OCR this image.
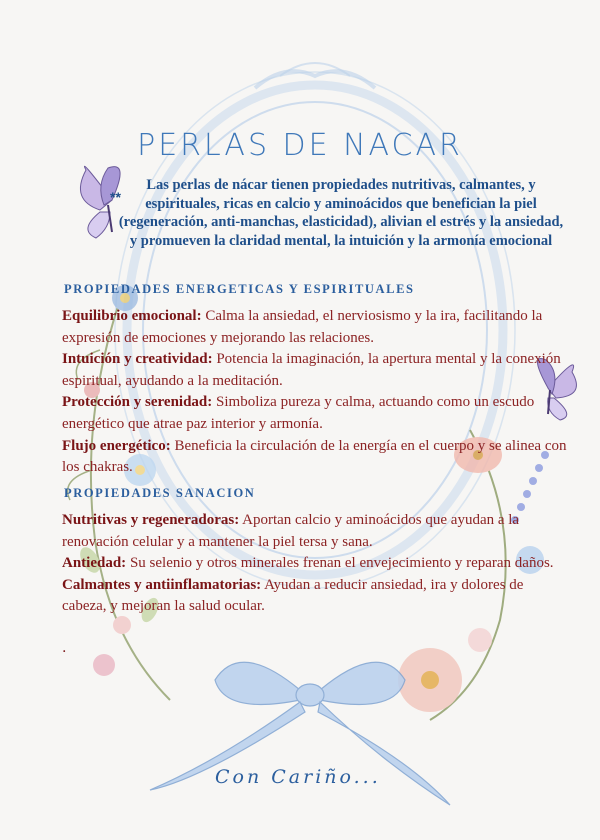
PERLAS DE NACAR
**
Las perlas de nácar tienen propiedades nutritivas, calmantes, y espirituales, ricas en calcio y aminoácidos que benefician la piel (regeneración, anti-manchas, elasticidad), alivian el estrés y la ansiedad, y promueven la claridad mental, la intuición y la armonía emocional
PROPIEDADES ENERGETICAS Y ESPIRITUALES

Equilibrio emocional: Calma la ansiedad, el nerviosismo y la ira, facilitando la expresión de emociones y mejorando las relaciones.

Intuición y creatividad: Potencia la imaginación, la apertura mental y la conexión espiritual, ayudando a la meditación.

Protección y serenidad: Simboliza pureza y calma, actuando como un escudo energético que atrae paz interior y armonía.

Flujo energético: Beneficia la circulación de la energía en el cuerpo y se alinea con los chakras.

PROPIEDADES SANACION

Nutritivas y regeneradoras: Aportan calcio y aminoácidos que ayudan a la renovación celular y a mantener la piel tersa y sana.

Antiedad: Su selenio y otros minerales frenan el envejecimiento y reparan daños.

Calmantes y antiinflamatorias: Ayudan a reducir ansiedad, ira y dolores de cabeza, y mejoran la salud ocular.

.
Con Cariño...
